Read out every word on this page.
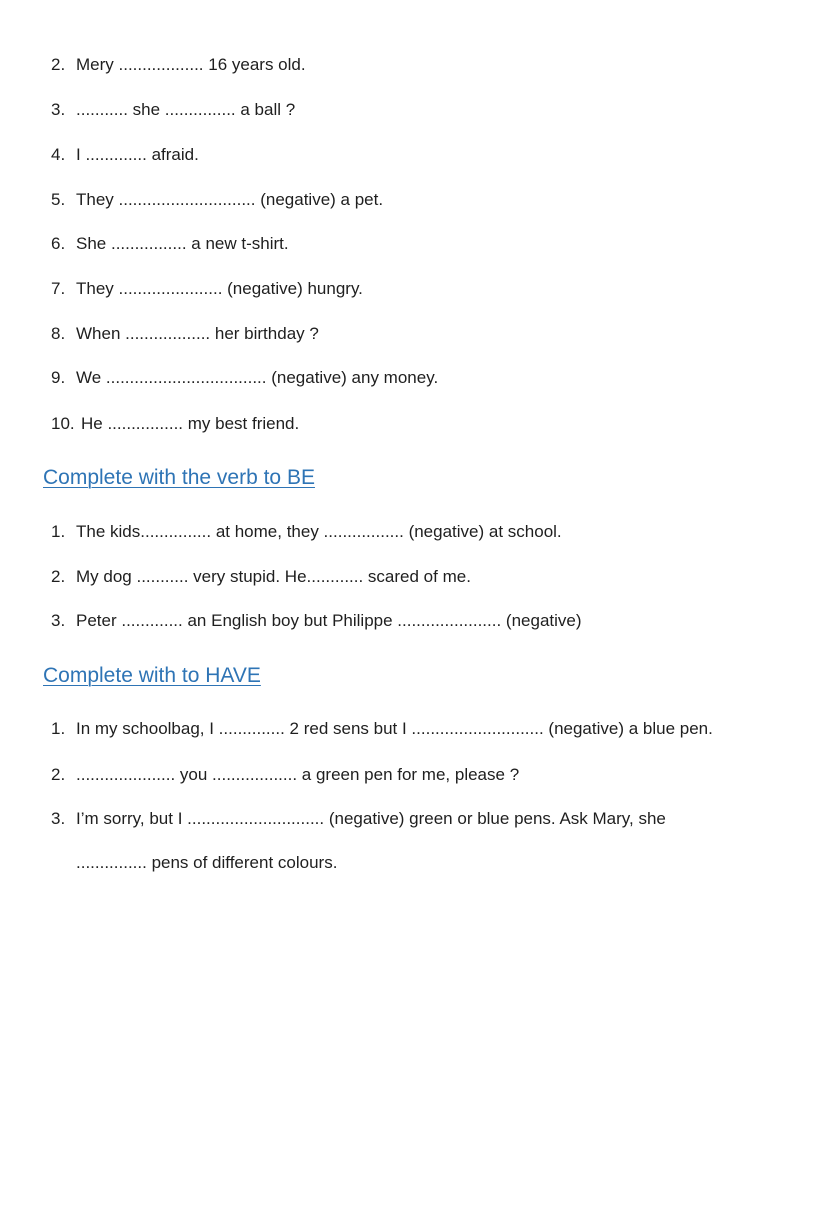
2. Mery .................. 16 years old.
3. ........... she ............... a ball ?
4. I ............. afraid.
5. They ............................. (negative) a pet.
6. She ................ a new t-shirt.
7. They ...................... (negative) hungry.
8. When .................. her birthday ?
9. We .................................. (negative) any money.
10. He ................ my best friend.
Complete with the verb to BE
1. The kids............... at home, they ................. (negative) at school.
2. My dog ........... very stupid. He............ scared of me.
3. Peter ............. an English boy but Philippe ...................... (negative)
Complete with to HAVE
1. In my schoolbag, I .............. 2 red sens but I ............................ (negative) a blue pen.
2. ..................... you .................. a green pen for me, please ?
3. I’m sorry, but I ............................. (negative) green or blue pens. Ask Mary, she
............... pens of different colours.
